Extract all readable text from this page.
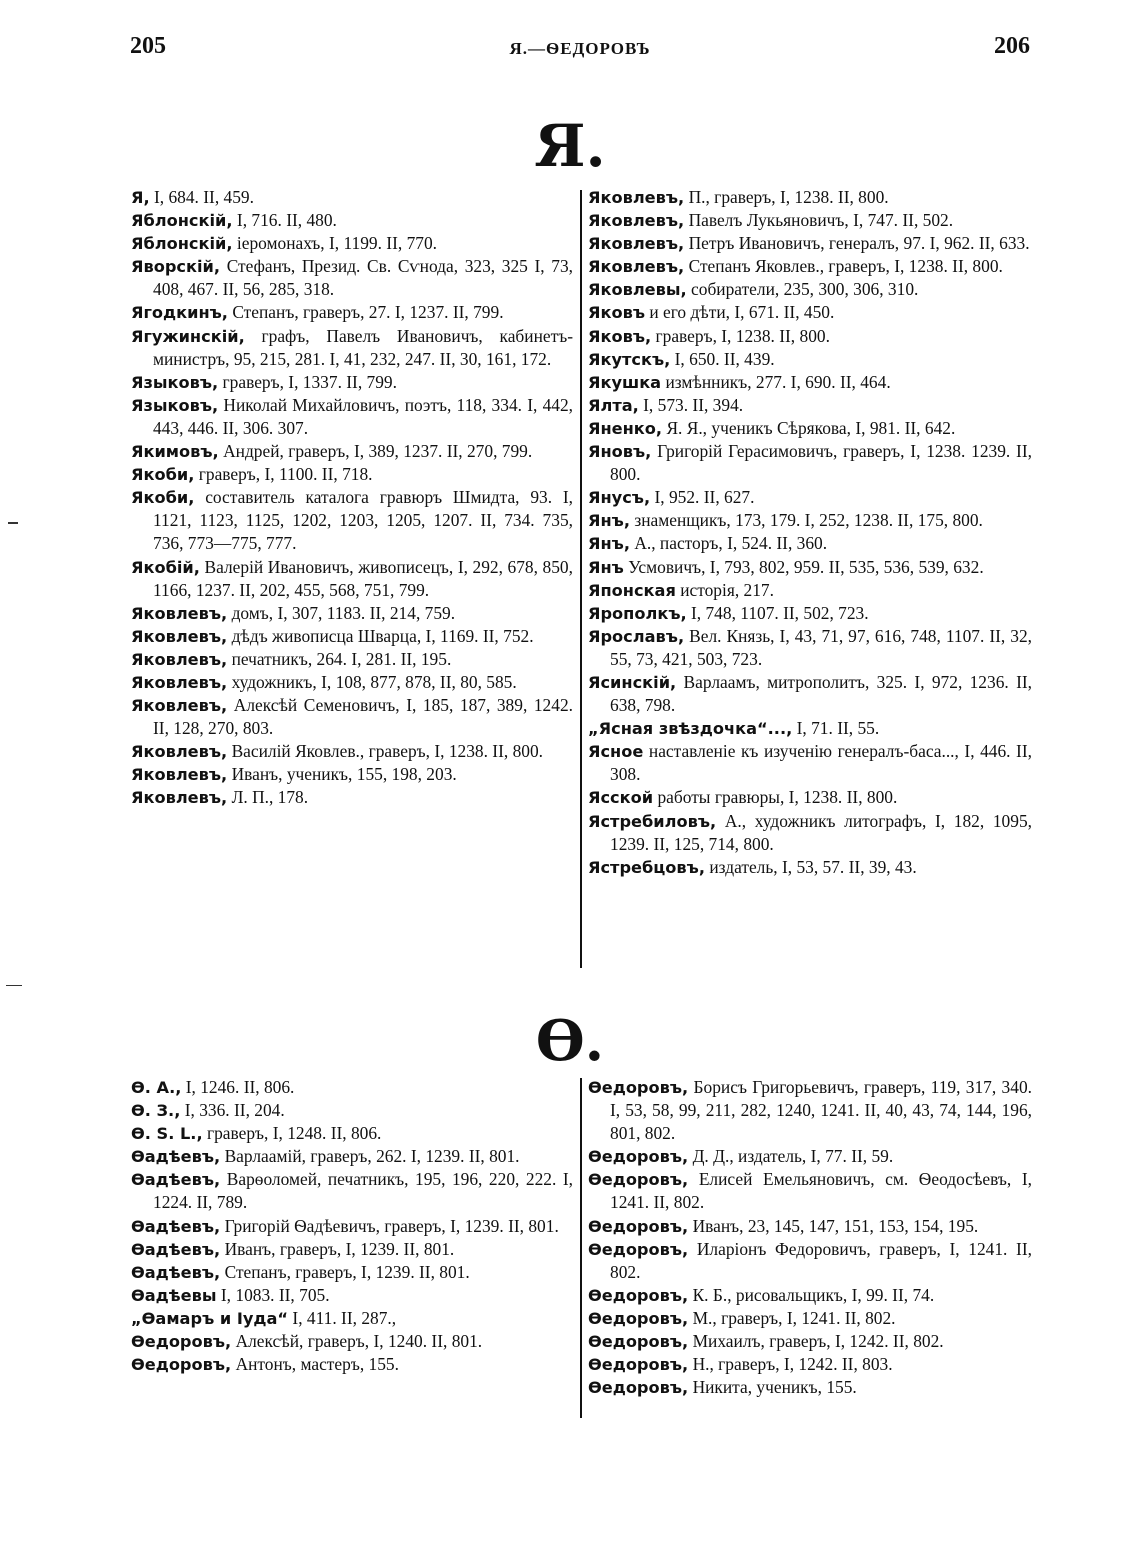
205	Я.—ѲЕДОРОВЪ	206
Я.

Я, I, 684. II, 459.

Яблонскій, I, 716. II, 480.

Яблонскій, іеромонахъ, I, 1199. II, 770.

Яворскій, Стефанъ, Презид. Св. Сѵнода, 323, 325 I, 73, 408, 467. II, 56, 285, 318.

Ягодкинъ, Степанъ, граверъ, 27. I, 1237. II, 799.

Ягужинскій, графъ, Павелъ Ивановичъ, кабинетъ-министръ, 95, 215, 281. I, 41, 232, 247. II, 30, 161, 172.

Языковъ, граверъ, I, 1337. II, 799.

Языковъ, Николай Михайловичъ, поэтъ, 118, 334. I, 442, 443, 446. II, 306. 307.

Якимовъ, Андрей, граверъ, I, 389, 1237. II, 270, 799.

Якоби, граверъ, I, 1100. II, 718.

Якоби, составитель каталога гравюръ Шмидта, 93. I, 1121, 1123, 1125, 1202, 1203, 1205, 1207. II, 734. 735, 736, 773—775, 777.

Якобій, Валерій Ивановичъ, живописецъ, I, 292, 678, 850, 1166, 1237. II, 202, 455, 568, 751, 799.

Яковлевъ, домъ, I, 307, 1183. II, 214, 759.

Яковлевъ, дѣдъ живописца Шварца, I, 1169. II, 752.

Яковлевъ, печатникъ, 264. I, 281. II, 195.

Яковлевъ, художникъ, I, 108, 877, 878, II, 80, 585.

Яковлевъ, Алексѣй Семеновичъ, I, 185, 187, 389, 1242. II, 128, 270, 803.

Яковлевъ, Василій Яковлев., граверъ, I, 1238. II, 800.

Яковлевъ, Иванъ, ученикъ, 155, 198, 203.

Яковлевъ, Л. П., 178.

Яковлевъ, П., граверъ, I, 1238. II, 800.

Яковлевъ, Павелъ Лукьяновичъ, I, 747. II, 502.

Яковлевъ, Петръ Ивановичъ, генералъ, 97. I, 962. II, 633.

Яковлевъ, Степанъ Яковлев., граверъ, I, 1238. II, 800.

Яковлевы, собиратели, 235, 300, 306, 310.

Яковъ и его дѣти, I, 671. II, 450.

Яковъ, граверъ, I, 1238. II, 800.

Якутскъ, I, 650. II, 439.

Якушка измѣнникъ, 277. I, 690. II, 464.

Ялта, I, 573. II, 394.

Яненко, Я. Я., ученикъ Сѣрякова, I, 981. II, 642.

Яновъ, Григорій Герасимовичъ, граверъ, I, 1238. 1239. II, 800.

Янусъ, I, 952. II, 627.

Янъ, знаменщикъ, 173, 179. I, 252, 1238. II, 175, 800.

Янъ, А., пасторъ, I, 524. II, 360.

Янъ Усмовичъ, I, 793, 802, 959. II, 535, 536, 539, 632.

Японская исторія, 217.

Ярополкъ, I, 748, 1107. II, 502, 723.

Ярославъ, Вел. Князь, I, 43, 71, 97, 616, 748, 1107. II, 32, 55, 73, 421, 503, 723.

Ясинскій, Варлаамъ, митрополитъ, 325. I, 972, 1236. II, 638, 798.

„Ясная звѣздочка“..., I, 71. II, 55.

Ясное наставленіе къ изученію генералъ-баса..., I, 446. II, 308.

Ясской работы гравюры, I, 1238. II, 800.

Ястребиловъ, А., художникъ литографъ, I, 182, 1095, 1239. II, 125, 714, 800.

Ястребцовъ, издатель, I, 53, 57. II, 39, 43.

Ѳ.

Ѳ. А., I, 1246. II, 806.

Ѳ. З., I, 336. II, 204.

Ѳ. S. L., граверъ, I, 1248. II, 806.

Ѳадѣевъ, Варлаамій, граверъ, 262. I, 1239. II, 801.

Ѳадѣевъ, Варѳоломей, печатникъ, 195, 196, 220, 222. I, 1224. II, 789.

Ѳадѣевъ, Григорій Ѳадѣевичъ, граверъ, I, 1239. II, 801.

Ѳадѣевъ, Иванъ, граверъ, I, 1239. II, 801.

Ѳадѣевъ, Степанъ, граверъ, I, 1239. II, 801.

Ѳадѣевы I, 1083. II, 705.

„Ѳамаръ и Іуда“ I, 411. II, 287.,

Ѳедоровъ, Алексѣй, граверъ, I, 1240. II, 801.

Ѳедоровъ, Антонъ, мастеръ, 155.

Ѳедоровъ, Борисъ Григорьевичъ, граверъ, 119, 317, 340. I, 53, 58, 99, 211, 282, 1240, 1241. II, 40, 43, 74, 144, 196, 801, 802.

Ѳедоровъ, Д. Д., издатель, I, 77. II, 59.

Ѳедоровъ, Елисей Емельяновичъ, см. Ѳеодосѣевъ, I, 1241. II, 802.

Ѳедоровъ, Иванъ, 23, 145, 147, 151, 153, 154, 195.

Ѳедоровъ, Иларіонъ Федоровичъ, граверъ, I, 1241. II, 802.

Ѳедоровъ, К. Б., рисовальщикъ, I, 99. II, 74.

Ѳедоровъ, М., граверъ, I, 1241. II, 802.

Ѳедоровъ, Михаилъ, граверъ, I, 1242. II, 802.

Ѳедоровъ, Н., граверъ, I, 1242. II, 803.

Ѳедоровъ, Никита, ученикъ, 155.
